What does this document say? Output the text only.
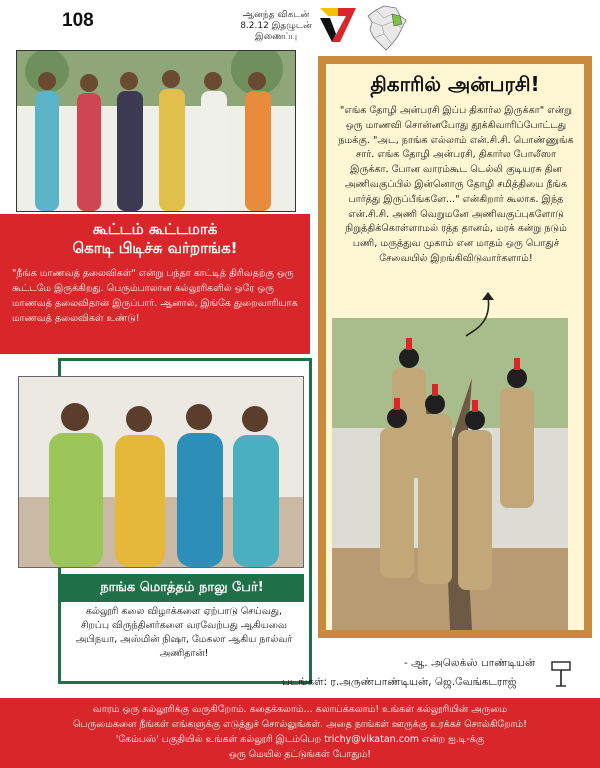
108	ஆனந்த விகடன்
8.2.12 இதழுடன்
இணைப்பு
கூட்டம் கூட்டமாக்
கொடி பிடிச்சு வர்றாங்க!
"நீங்க மாணவத் தலைவிகள்" என்று பந்தா காட்டித் திரிவதற்கு ஒரு கூட்டமே இருக்கிறது. பெரும்பாலான கல்லூரிகளில் ஒரே ஒரு மாணவத் தலைவிதான் இருப்பார். ஆனால், இங்கே துறைவாரியாக மாணவத் தலைவிகள் உண்டு!
நாங்க மொத்தம் நாலு பேர்!
கல்லூரி கலை விழாக்களை ஏற்பாடு செய்வது, சிறப்பு விருந்தினர்களை வரவேற்பது ஆகியவை அபிநயா, அஸ்மின் நிஷா, மேகலா ஆகிய நால்வர் அணிதான்!
திகாரில் அன்பரசி!
"எங்க தோழி அன்பரசி இப்ப திகார்ல இருக்கா" என்று ஒரு மாணவி சொன்னபோது தூக்கிவாரிப்போட்டது நமக்கு. "அட, நாங்க எல்லாம் என்.சி.சி. பொண்ணுங்க சார். எங்க தோழி அன்பரசி, திகார்ல போலீஸா இருக்கா. போன வாரம்கூட டெல்லி குடியரசு தின அணிவகுப்பில் இன்னொரு தோழி சமித்தியை நீங்க பார்த்து இருப்பீங்களே..." என்கிறார் கூலாக. இந்த என்.சி.சி. அணி வெறுமனே அணிவகுப்புகளோடு நிறுத்திக்கொள்ளாமல் ரத்த தானம், மரக் கன்று நடும் பணி, மருத்துவ முகாம் என மாதம் ஒரு பொதுச் சேவையில் இறங்கிவிடுவார்களாம்!
- ஆ. அலெக்ஸ் பாண்டியன்
படங்கள்: ர.அருண்பாண்டியன், ஜெ.வேங்கடராஜ்
வாரம் ஒரு கல்லூரிக்கு வருகிறோம். கதைக்கலாம்... கலாய்க்கலாம்! உங்கள் கல்லூரியின் அருமை
பெருமைகளை நீங்கள் எங்களுக்கு எடுத்துச் சொல்லுங்கள். அதை நாங்கள் ஊருக்கு உரக்கச் சொல்கிறோம்!
'கேம்பஸ்' பகுதியில் உங்கள் கல்லூரி இடம்பெற trichy@vikatan.com என்ற ஐ.டி-க்கு
ஒரு மெயில் தட்டுங்கள் போதும்!
